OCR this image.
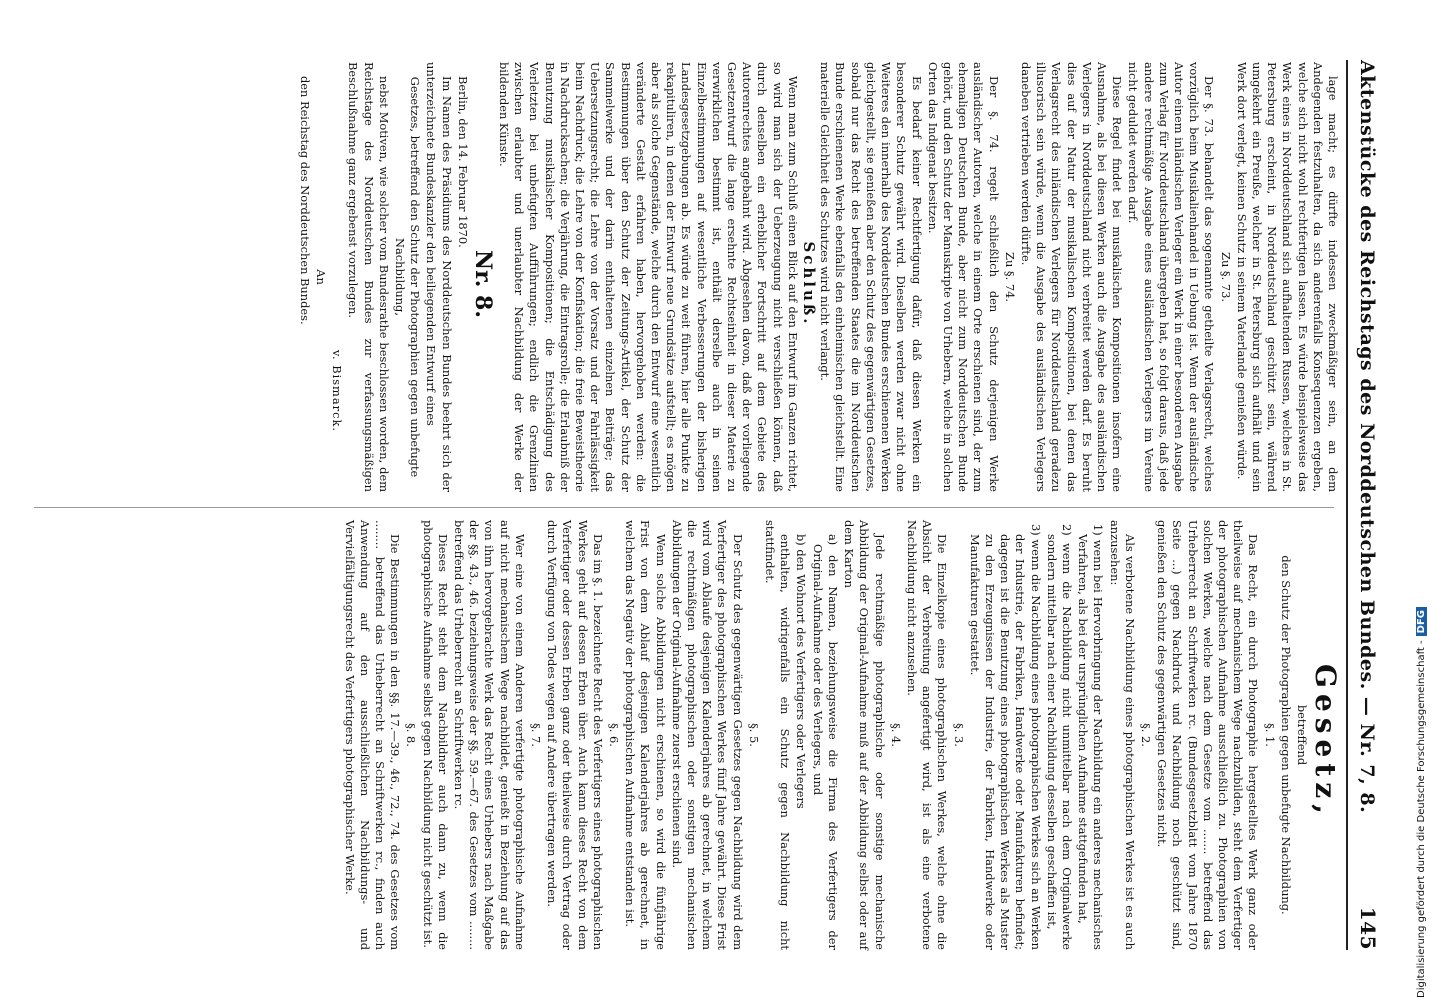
Aktenstücke des Reichstags des Norddeutschen Bundes. — Nr. 7, 8.
145

lage macht; es dürfte indessen zweckmäßiger sein, an dem Andegenden festzuhalten, da sich anderenfalls Konsequenzen ergeben, welche sich nicht wohl rechtfertigen lassen. Es würde beispielsweise das Werk eines in Norddeutschland sich aufhaltenden Russen, welches in St. Petersburg erscheint, in Norddeutschland geschützt sein, während umgekehrt ein Preuße, welcher in St. Petersburg sich aufhält und sein Werk dort verlegt, keinen Schutz in seinem Vaterlande genießen würde.

Zu §. 73.

Der §. 73. behandelt das sogenannte getheilte Verlagsrecht, welches vorzüglich beim Musikalienhandel in Uebung ist. Wenn der ausländische Autor einem inländischen Verleger ein Werk in einer besonderen Ausgabe zum Verlag für Norddeutschland übergeben hat, so folgt daraus, daß jede andere rechtmäßige Ausgabe eines ausländischen Verlegers im Vereine nicht geduldet werden darf.

Diese Regel findet bei musikalischen Kompositionen insofern eine Ausnahme, als bei diesen Werken auch die Ausgabe des ausländischen Verlegers in Norddeutschland nicht verbreitet werden darf. Es beruht dies auf der Natur der musikalischen Kompositionen, bei denen das Verlagsrecht des inländischen Verlegers für Norddeutschland geradezu illusorisch sein würde, wenn die Ausgabe des ausländischen Verlegers daneben vertrieben werden dürfte.

Zu §. 74.

Der §. 74. regelt schließlich den Schutz derjenigen Werke ausländischer Autoren, welche in einem Orte erschienen sind, der zum ehemaligen Deutschen Bunde, aber nicht zum Norddeutschen Bunde gehört, und den Schutz der Manuskripte von Urhebern, welche in solchen Orten das Indigenat besitzen.

Es bedarf keiner Rechtfertigung dafür, daß diesen Werken ein besonderer Schutz gewährt wird. Dieselben werden zwar nicht ohne Weiteres den innerhalb des Norddeutschen Bundes erschienenen Werken gleichgestellt, sie genießen aber den Schutz des gegenwärtigen Gesetzes, sobald nur das Recht des betreffenden Staates die im Norddeutschen Bunde erschienenen Werke ebenfalls den einheimischen gleichstellt. Eine materielle Gleichheit des Schutzes wird nicht verlangt.

Schluß.

Wenn man zum Schluß einen Blick auf den Entwurf im Ganzen richtet, so wird man sich der Ueberzeugung nicht verschließen können, daß durch denselben ein erheblicher Fortschritt auf dem Gebiete des Autorenrechtes angebahnt wird. Abgesehen davon, daß der vorliegende Gesetzentwurf die lange ersehnte Rechtseinheit in dieser Materie zu verwirklichen bestimmt ist, enthält derselbe auch in seinen Einzelbestimmungen auf wesentliche Verbesserungen der bisherigen Landesgesetzgebungen ab. Es würde zu weit führen, hier alle Punkte zu rekapituliren, in denen der Entwurf neue Grundsätze aufstellt; es mögen aber als solche Gegenstände, welche durch den Entwurf eine wesentlich veränderte Gestalt erfahren haben, hervorgehoben werden: die Bestimmungen über den Schutz der Zeitungs-Artikel, der Schutz der Sammelwerke und der darin enthaltenen einzelnen Beiträge; das Uebersetzungsrecht; die Lehre von der Vorsatz und der Fahrlässigkeit beim Nachdruck; die Lehre von der Konfiskation; die freie Beweistheorie in Nachdrucksachen; die Verjährung, die Eintragsrolle; die Erlaubniß der Benutzung musikalischer Kompositionen; die Entschädigung des Verletzten bei unbefugten Aufführungen; endlich die Grenzlinien zwischen erlaubter und unerlaubter Nachbildung der Werke der bildenden Künste.

Nr. 8.

Berlin, den 14. Februar 1870.

Im Namen des Präsidiums des Norddeutschen Bundes beehrt sich der unterzeichnete Bundeskanzler den beiliegenden Entwurf eines

Gesetzes, betreffend den Schutz der Photographien gegen unbefugte Nachbildung,

nebst Motiven, wie solcher vom Bundesrathe beschlossen worden, dem Reichstage des Norddeutschen Bundes zur verfassungsmäßigen Beschlußnahme ganz ergebenst vorzulegen.

v. Bismarck.

An

den Reichstag des Norddeutschen Bundes.

Gesetz,

betreffend

den Schutz der Photographien gegen unbefugte Nachbildung.

§. 1.

Das Recht, ein durch Photographie hergestelltes Werk ganz oder theilweise auf mechanischem Wege nachzubilden, steht dem Verfertiger der photographischen Aufnahme ausschließlich zu. Photographien von solchen Werken, welche nach dem Gesetze vom ....... betreffend das Urheberrecht an Schriftwerken rc. (Bundesgesetzblatt vom Jahre 1870 Seite ...) gegen Nachdruck und Nachbildung noch geschützt sind, genießen den Schutz des gegenwärtigen Gesetzes nicht.

§. 2.

Als verbotene Nachbildung eines photographischen Werkes ist es auch anzusehen:

1) wenn bei Hervorbringung der Nachbildung ein anderes mechanisches Verfahren, als bei der ursprünglichen Aufnahme stattgefunden hat,

2) wenn die Nachbildung nicht unmittelbar nach dem Originalwerke sondern mittelbar nach einer Nachbildung desselben geschaffen ist,

3) wenn die Nachbildung eines photographischen Werkes sich an Werken der Industrie, der Fabriken, Handwerke oder Manufakturen befindet; dagegen ist die Benutzung eines photographischen Werkes als Muster zu den Erzeugnissen der Industrie, der Fabriken, Handwerke oder Manufakturen gestattet.

§. 3.

Die Einzelkopie eines photographischen Werkes, welche ohne die Absicht der Verbreitung angefertigt wird, ist als eine verbotene Nachbildung nicht anzusehen.

§. 4.

Jede rechtmäßige photographische oder sonstige mechanische Abbildung der Original-Aufnahme muß auf der Abbildung selbst oder auf dem Karton

a) den Namen, beziehungsweise die Firma des Verfertigers der Original-Aufnahme oder des Verlegers, und

b) den Wohnort des Verfertigers oder Verlegers

enthalten, widrigenfalls ein Schutz gegen Nachbildung nicht stattfindet.

§. 5.

Der Schutz des gegenwärtigen Gesetzes gegen Nachbildung wird dem Verfertiger des photographischen Werkes fünf Jahre gewährt. Diese Frist wird vom Ablaufe desjenigen Kalenderjahres ab gerechnet, in welchem die rechtmäßigen photographischen oder sonstigen mechanischen Abbildungen der Original-Aufnahme zuerst erschienen sind.

Wenn solche Abbildungen nicht erschienen, so wird die fünfjährige Frist von dem Ablauf desjenigen Kalenderjahres ab gerechnet, in welchem das Negativ der photographischen Aufnahme entstanden ist.

§. 6.

Das im §. 1. bezeichnete Recht des Verfertigers eines photographischen Werkes geht auf dessen Erben über. Auch kann dieses Recht von dem Verfertiger oder dessen Erben ganz oder theilweise durch Vertrag oder durch Verfügung von Todes wegen auf Andere übertragen werden.

§. 7.

Wer eine von einem Anderen verfertigte photographische Aufnahme auf nicht mechanischem Wege nachbildet, genießt in Beziehung auf das von ihm hervorgebrachte Werk das Recht eines Urhebers nach Maßgabe der §§. 43., 46. beziehungsweise der §§. 59.—67. des Gesetzes vom ........ betreffend das Urheberrecht an Schriftwerken rc.

Dieses Recht steht dem Nachbildner auch dann zu, wenn die photographische Aufnahme selbst gegen Nachbildung nicht geschützt ist.

§. 8.

Die Bestimmungen in den §§. 17.—39., 46., 72., 74. des Gesetzes vom ........ betreffend das Urheberrecht an Schriftwerken rc., finden auch Anwendung auf den ausschließlichen Nachbildungs- und Vervielfältigungsrecht des Verfertigers photographischer Werke.	Digitalisierung gefördert durch die Deutsche Forschungsgemeinschaft -DFG
